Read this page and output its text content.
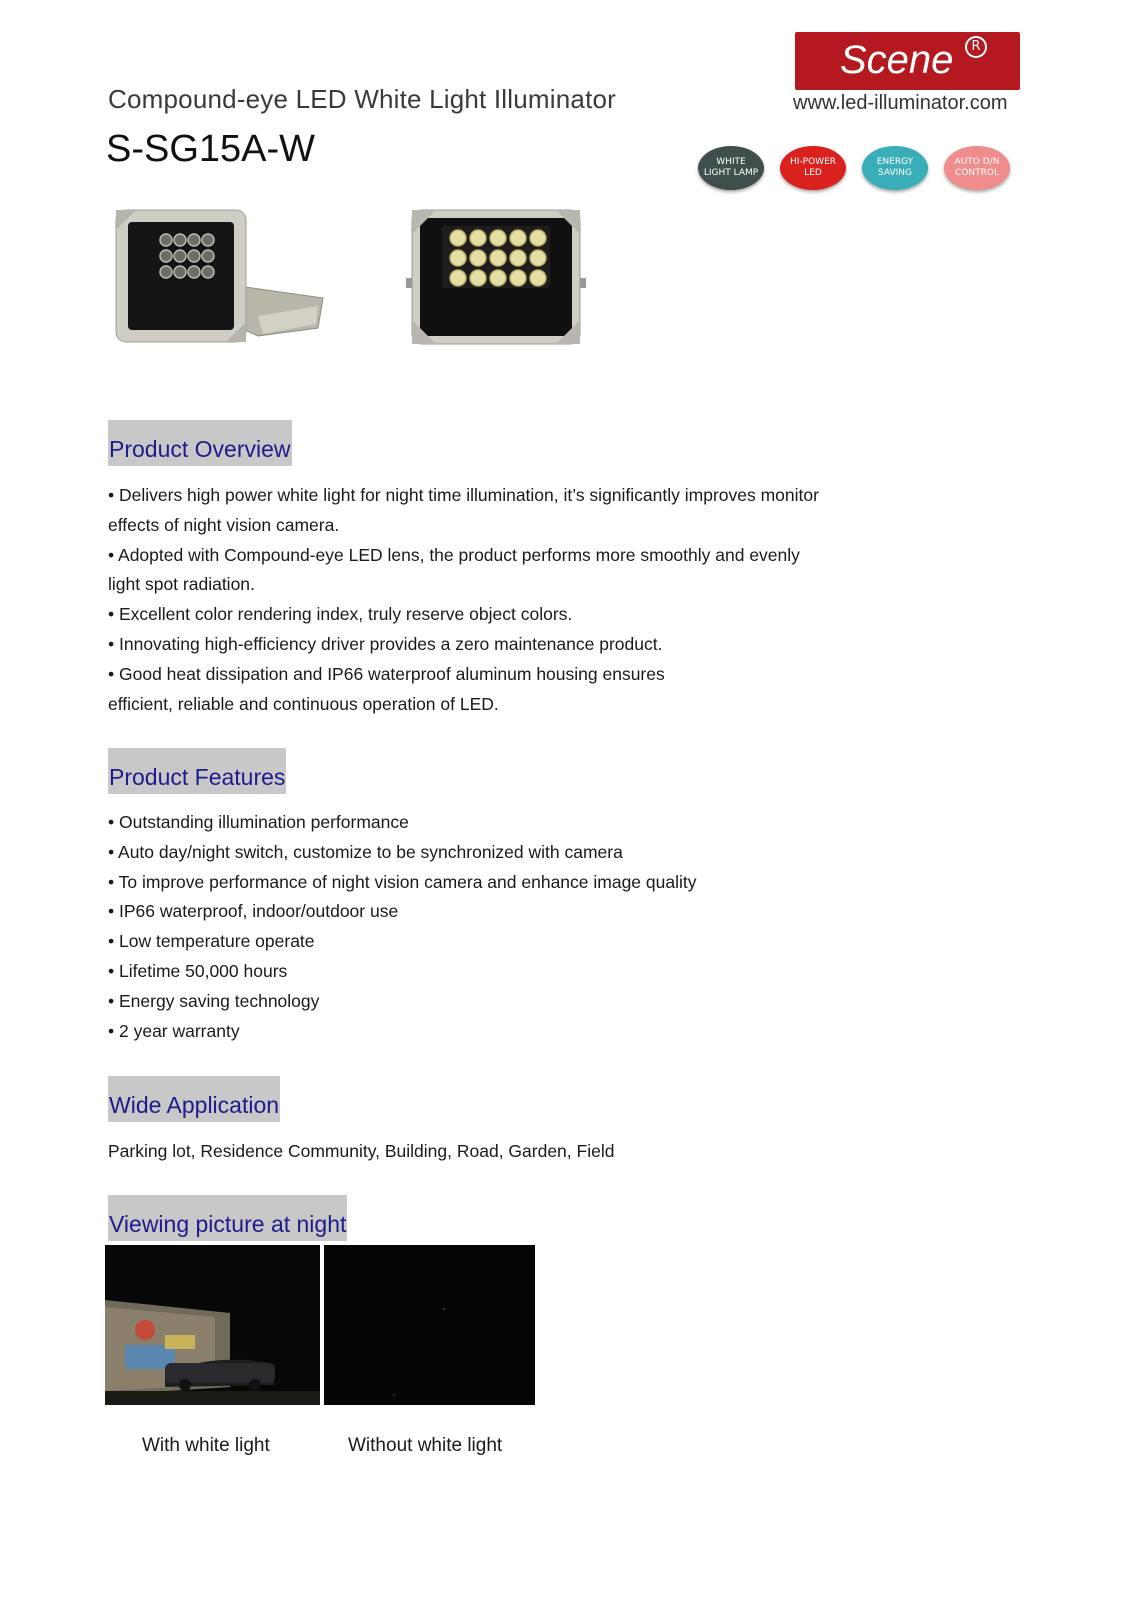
Compound-eye LED White Light Illuminator
S-SG15A-W
Scene	R
www.led-illuminator.com
WHITE
LIGHT LAMP
HI-POWER
LED
ENERGY
SAVING
AUTO D/N
CONTROL
Product Overview

• Delivers high power white light for night time illumination, it’s significantly improves monitor effects of night vision camera.

• Adopted with Compound-eye LED lens, the product performs more smoothly and evenly light spot radiation.

• Excellent color rendering index, truly reserve object colors.

• Innovating high-efficiency driver provides a zero maintenance product.

• Good heat dissipation and IP66 waterproof aluminum housing ensures efficient, reliable and continuous operation of LED.

Product Features
• Outstanding illumination performance
• Auto day/night switch, customize to be synchronized with camera
• To improve performance of night vision camera and enhance image quality
• IP66 waterproof, indoor/outdoor use
• Low temperature operate
• Lifetime 50,000 hours
• Energy saving technology
• 2 year warranty
Wide Application
Parking lot, Residence Community, Building, Road, Garden, Field
Viewing picture at night
With white light	Without white light
